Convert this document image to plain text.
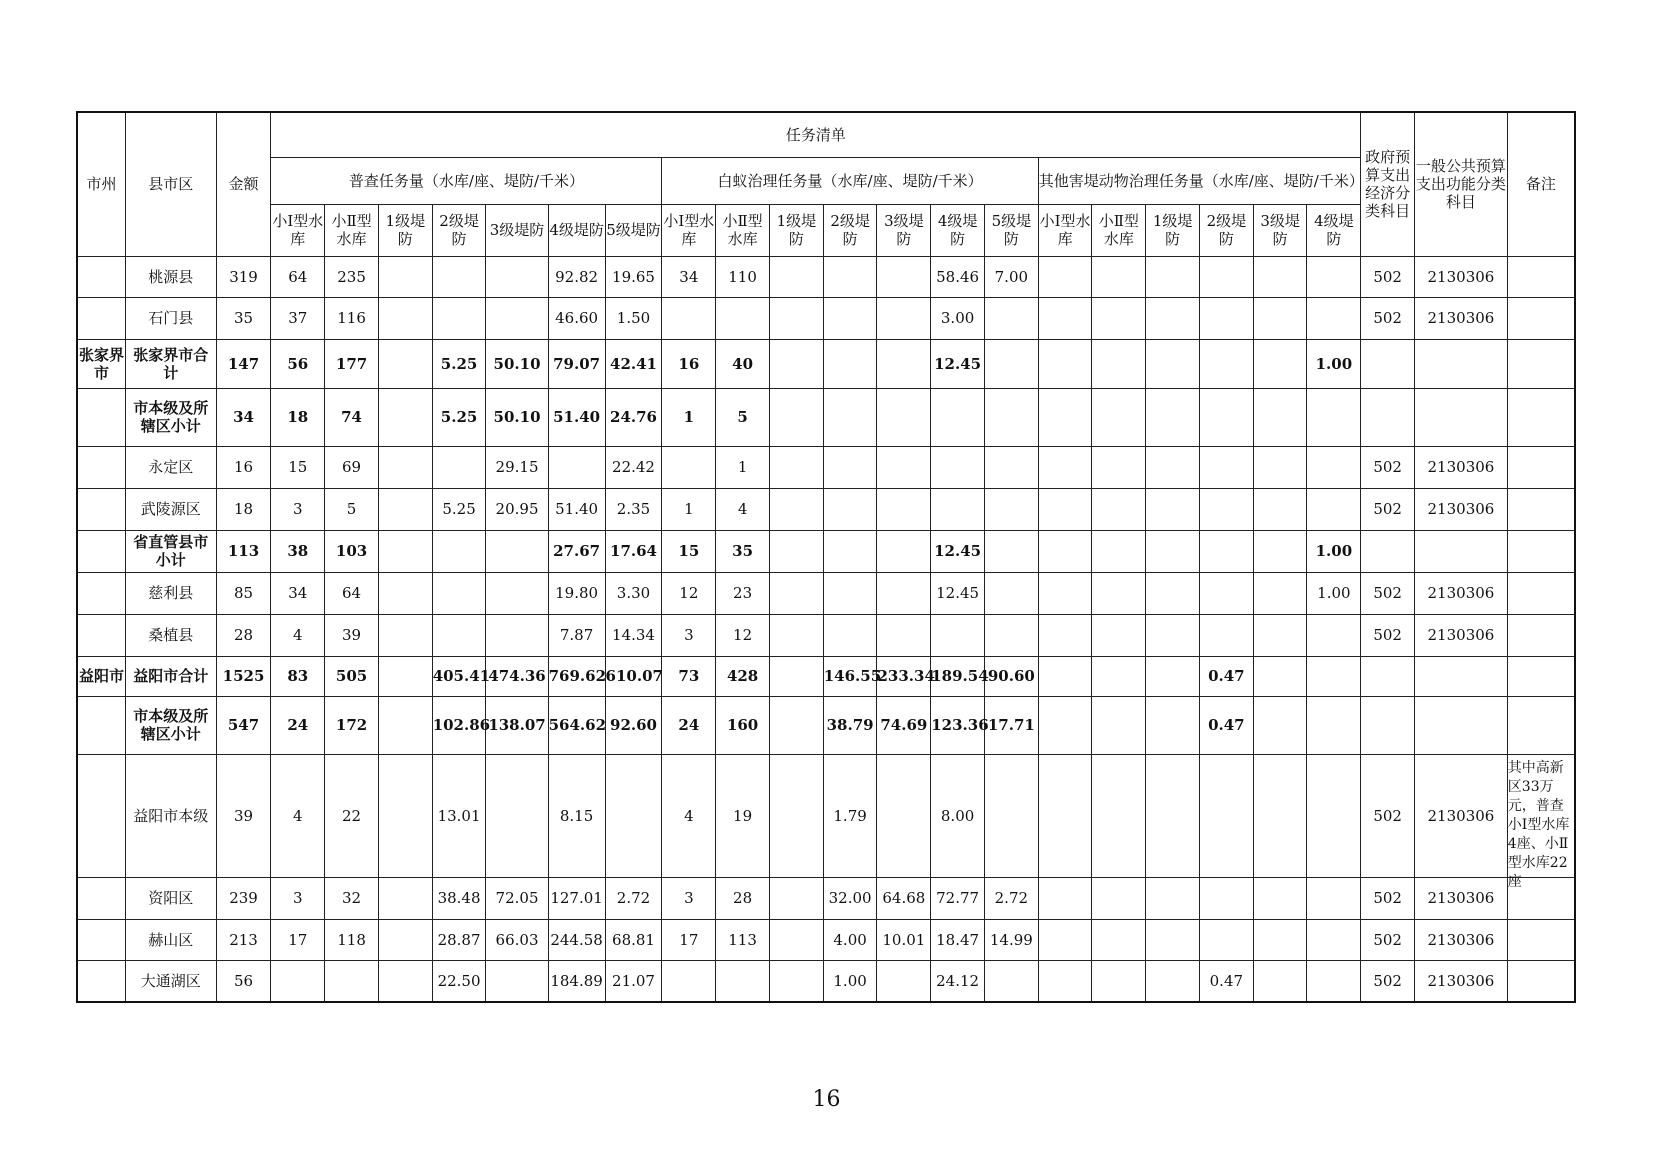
市州	县市区	金额	任务清单																				政府预算支出经济分类科目	一般公共预算支出功能分类科目	备注
			普查任务量（水库/座、堤防/千米）							白蚁治理任务量（水库/座、堤防/千米）							其他害堤动物治理任务量（水库/座、堤防/千米）								
			小Ⅰ型水库	小Ⅱ型水库	1级堤防	2级堤防	3级堤防	4级堤防	5级堤防	小Ⅰ型水库	小Ⅱ型水库	1级堤防	2级堤防	3级堤防	4级堤防	5级堤防	小Ⅰ型水库	小Ⅱ型水库	1级堤防	2级堤防	3级堤防	4级堤防			
	桃源县	319	64	235				92.82	19.65	34	110				58.46	7.00							502	2130306	
	石门县	35	37	116				46.60	1.50						3.00								502	2130306	
张家界市	张家界市合计	147	56	177		5.25	50.10	79.07	42.41	16	40				12.45							1.00			
	市本级及所辖区小计	34	18	74		5.25	50.10	51.40	24.76	1	5														
	永定区	16	15	69			29.15		22.42		1												502	2130306	
	武陵源区	18	3	5		5.25	20.95	51.40	2.35	1	4												502	2130306	
	省直管县市小计	113	38	103				27.67	17.64	15	35				12.45							1.00			
	慈利县	85	34	64				19.80	3.30	12	23				12.45							1.00	502	2130306	
	桑植县	28	4	39				7.87	14.34	3	12												502	2130306	
益阳市	益阳市合计	1525	83	505		405.41	474.36	769.62	610.07	73	428		146.55	233.34	189.54	90.60				0.47					
	市本级及所辖区小计	547	24	172		102.86	138.07	564.62	92.60	24	160		38.79	74.69	123.36	17.71				0.47					
	益阳市本级	39	4	22		13.01		8.15		4	19		1.79		8.00								502	2130306	其中高新区33万元，普查小Ⅰ型水库4座、小Ⅱ型水库22座

	资阳区	239	3	32		38.48	72.05	127.01	2.72	3	28		32.00	64.68	72.77	2.72							502	2130306	
	赫山区	213	17	118		28.87	66.03	244.58	68.81	17	113		4.00	10.01	18.47	14.99							502	2130306	
	大通湖区	56				22.50		184.89	21.07				1.00		24.12					0.47			502	2130306	
16
